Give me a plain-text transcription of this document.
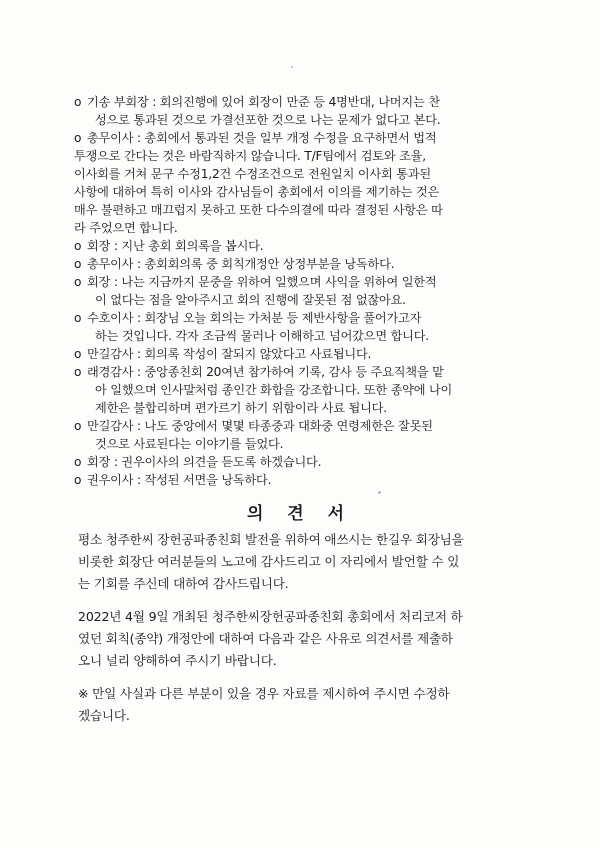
o 기송 부회장 : 회의진행에 있어 회장이 만준 등 4명반대, 나머지는 찬
성으로 통과된 것으로 가결선포한 것으로 나는 문제가 없다고 본다.
o 총무이사 : 총회에서 통과된 것을 일부 개정 수정을 요구하면서 법적
투쟁으로 간다는 것은 바람직하지 않습니다. T/F팀에서 검토와 조율,
이사회를 거쳐 문구 수정1,2건 수정조건으로 전원일치 이사회 통과된
사항에 대하여 특히 이사와 감사님들이 총회에서 이의를 제기하는 것은
매우 불편하고 매끄럽지 못하고 또한 다수의결에 따라 결정된 사항은 따
라 주었으면 합니다.
o 회장 : 지난 총회 회의록을 봅시다.
o 총무이사 : 총회회의록 중 회칙개정안 상정부분을 낭독하다.
o 회장 : 나는 지금까지 문중을 위하여 일했으며 사익을 위하여 일한적
이 없다는 점을 알아주시고 회의 진행에 잘못된 점 없잖아요.
o 수호이사 : 회장님 오늘 회의는 가처분 등 제반사항을 풀어가고자
하는 것입니다. 각자 조금씩 물러나 이해하고 넘어갔으면 합니다.
o 만길감사 : 회의록 작성이 잘되지 않았다고 사료됩니다.
o 래경감사 : 중앙종친회 20여년 참가하여 기록, 감사 등 주요직책을 맡
아 일했으며 인사말처럼 종인간 화합을 강조합니다. 또한 종약에 나이
제한은 불합리하며 편가르기 하기 위함이라 사료 됩니다.
o 만길감사 : 나도 중앙에서 몇몇 타종중과 대화중 연령제한은 잘못된
것으로 사료된다는 이야기를 들었다.
o 회장 : 권우이사의 의견을 듣도록 하겠습니다.
o 권우이사 : 작성된 서면을 낭독하다.
의 견 서
평소 청주한씨 장헌공파종친회 발전을 위하여 애쓰시는 한길우 회장님을
비롯한 회장단 여러분들의 노고에 감사드리고 이 자리에서 발언할 수 있
는 기회를 주신데 대하여 감사드립니다.
2022년 4월 9일 개최된 청주한씨장헌공파종친회 총회에서 처리코저 하
였던 회칙(종약) 개정안에 대하여 다음과 같은 사유로 의견서를 제출하
오니 널리 양해하여 주시기 바랍니다.
※ 만일 사실과 다른 부분이 있을 경우 자료를 제시하여 주시면 수정하
겠습니다.
